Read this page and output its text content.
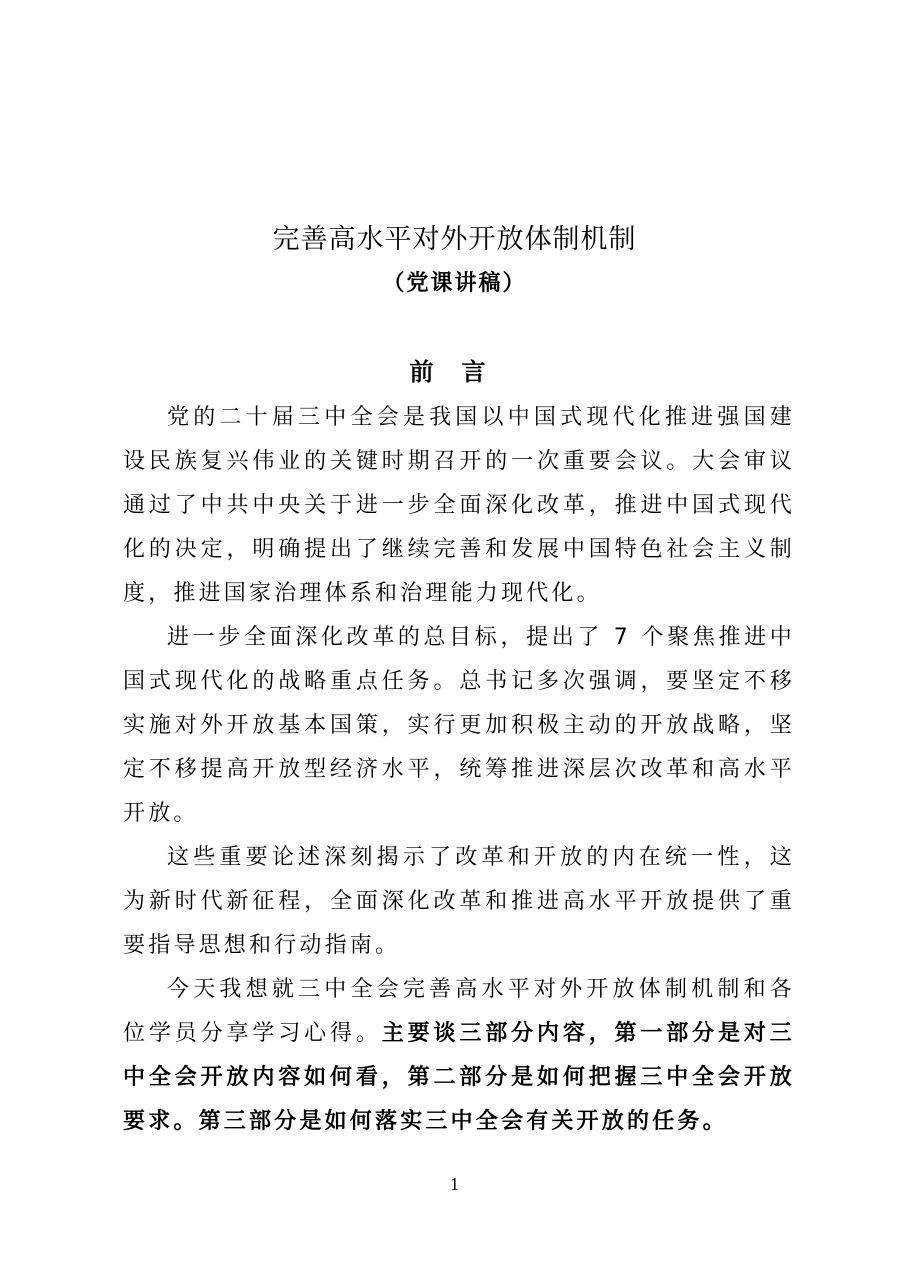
完善高水平对外开放体制机制
（党课讲稿）
前言

党的二十届三中全会是我国以中国式现代化推进强国建设民族复兴伟业的关键时期召开的一次重要会议。大会审议通过了中共中央关于进一步全面深化改革，推进中国式现代化的决定，明确提出了继续完善和发展中国特色社会主义制度，推进国家治理体系和治理能力现代化。

进一步全面深化改革的总目标，提出了 7 个聚焦推进中国式现代化的战略重点任务。总书记多次强调，要坚定不移实施对外开放基本国策，实行更加积极主动的开放战略，坚定不移提高开放型经济水平，统筹推进深层次改革和高水平开放。

这些重要论述深刻揭示了改革和开放的内在统一性，这为新时代新征程，全面深化改革和推进高水平开放提供了重要指导思想和行动指南。

今天我想就三中全会完善高水平对外开放体制机制和各位学员分享学习心得。主要谈三部分内容，第一部分是对三中全会开放内容如何看，第二部分是如何把握三中全会开放要求。第三部分是如何落实三中全会有关开放的任务。

1
